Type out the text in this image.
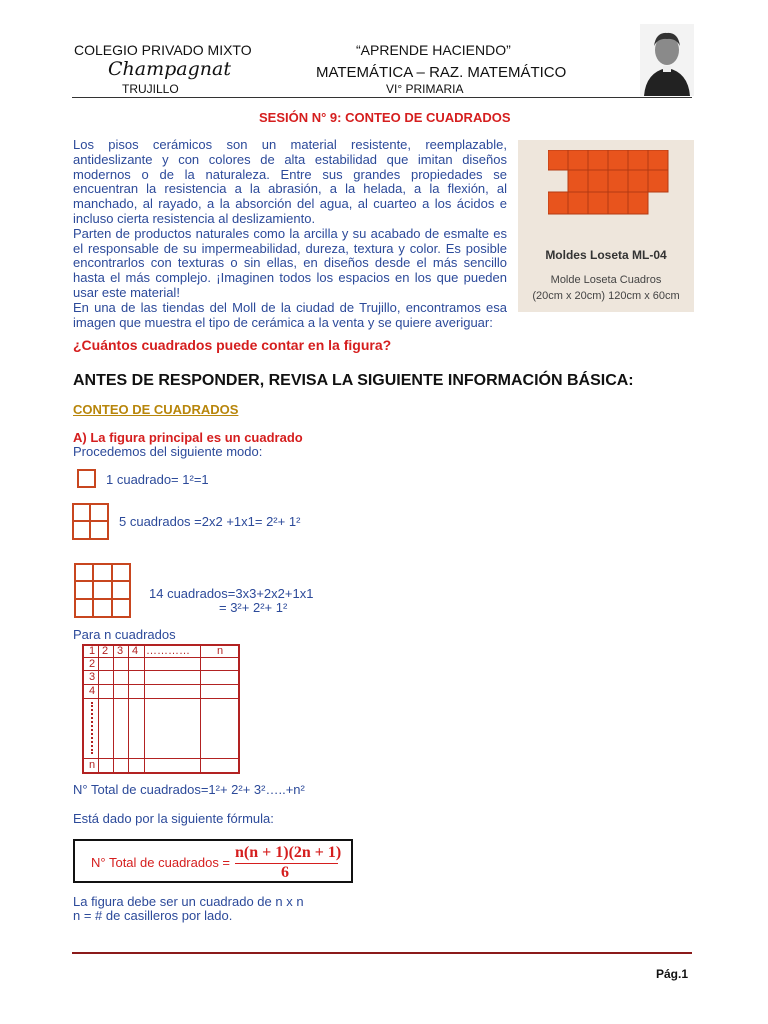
COLEGIO PRIVADO MIXTO
Champagnat
TRUJILLO
“APRENDE HACIENDO”
MATEMÁTICA – RAZ. MATEMÁTICO
VI° PRIMARIA
SESIÓN N° 9: CONTEO DE CUADRADOS
Los pisos cerámicos son un material resistente, reemplazable, antideslizante y con colores de alta estabilidad que imitan diseños modernos o de la naturaleza. Entre sus grandes propiedades se encuentran la resistencia a la abrasión, a la helada, a la flexión, al manchado, al rayado, a la absorción del agua, al cuarteo a los ácidos e incluso cierta resistencia al deslizamiento.
Parten de productos naturales como la arcilla y su acabado de esmalte es el responsable de su impermeabilidad, dureza, textura y color. Es posible encontrarlos con texturas o sin ellas, en diseños desde el más sencillo hasta el más complejo. ¡Imaginen todos los espacios en los que pueden usar este material!
En una de las tiendas del Moll de la ciudad de Trujillo, encontramos esa imagen que muestra el tipo de cerámica a la venta y se quiere averiguar:
Moldes Loseta ML-04
Molde Loseta Cuadros
(20cm x 20cm) 120cm x 60cm
¿Cuántos cuadrados puede contar en la figura?
ANTES DE RESPONDER, REVISA LA SIGUIENTE INFORMACIÓN BÁSICA:
CONTEO DE CUADRADOS
A) La figura principal es un cuadrado
Procedemos del siguiente modo:
1 cuadrado= 1²=1
5 cuadrados =2x2 +1x1= 2²+ 1²
14 cuadrados=3x3+2x2+1x1
= 3²+ 2²+ 1²
Para n cuadrados
1 2 3 4 ………… n
2
3
4
n
N° Total de cuadrados=1²+ 2²+ 3²…..+n²
Está dado por la siguiente fórmula:
N° Total de cuadrados =
n(n + 1)(2n + 1)
6
La figura debe ser un cuadrado de n x n
n = # de casilleros por lado.
Pág.1
